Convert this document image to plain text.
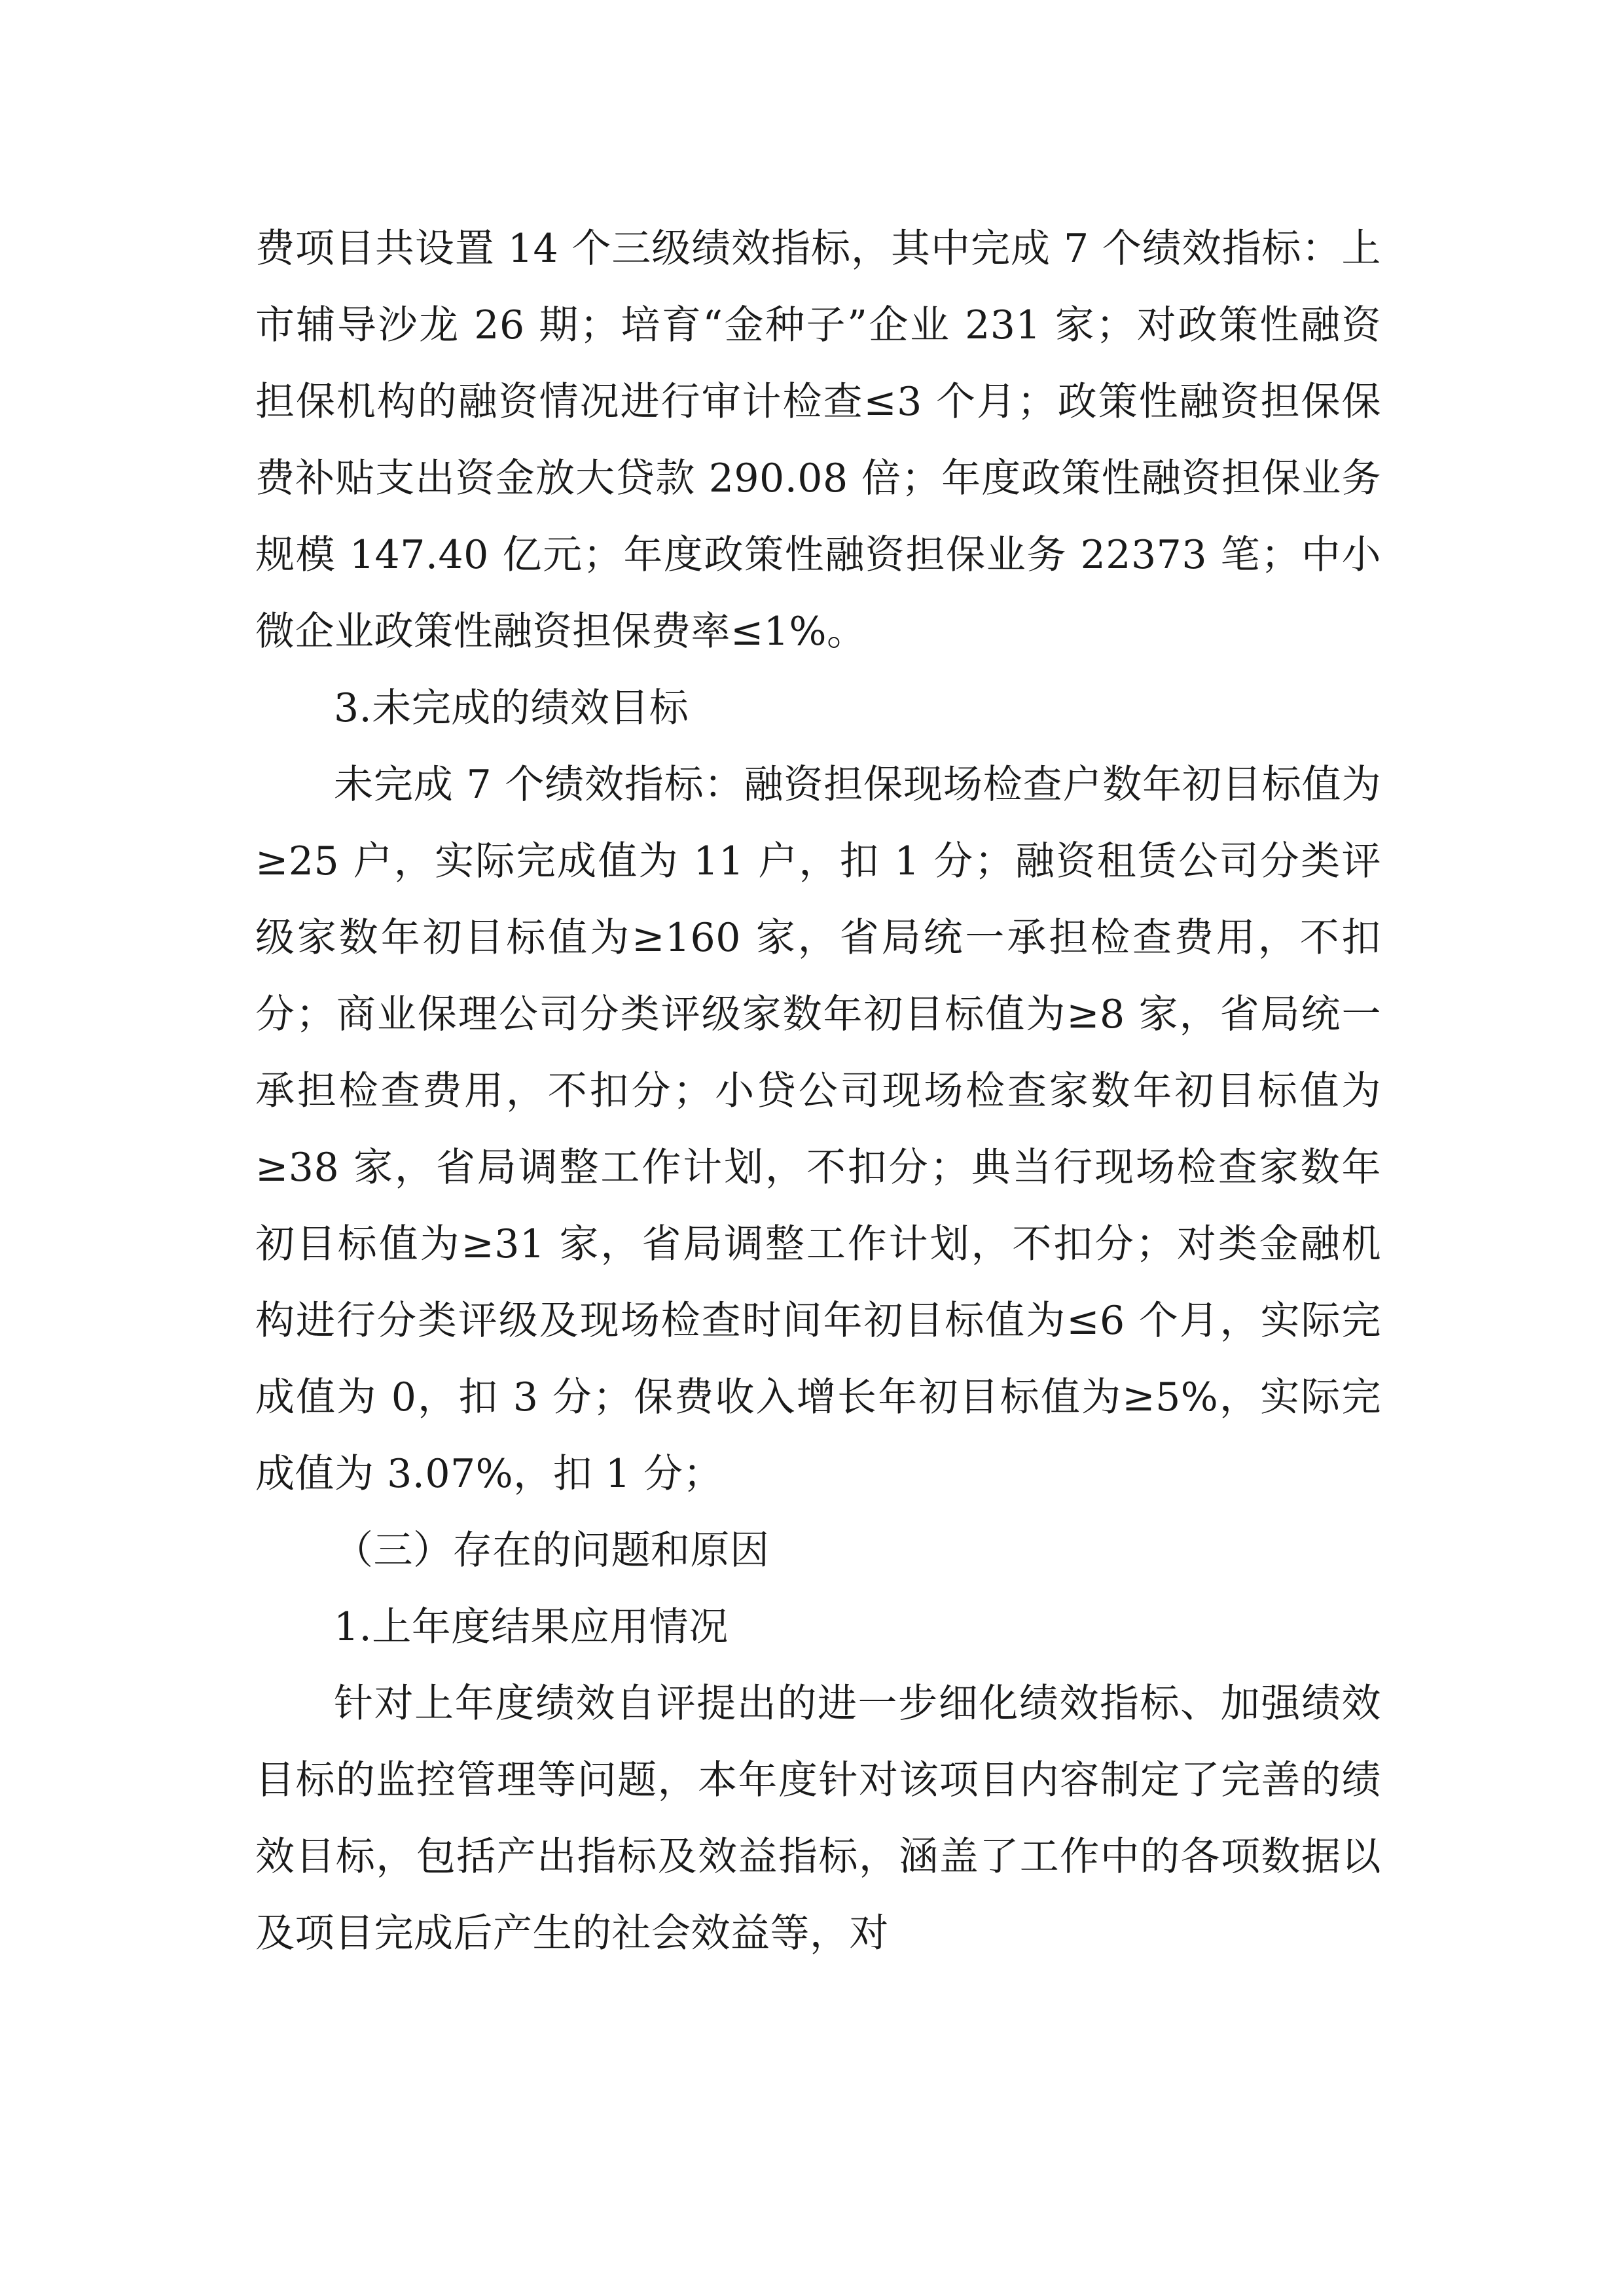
费项目共设置 14 个三级绩效指标，其中完成 7 个绩效指标：上市辅导沙龙 26 期；培育“金种子”企业 231 家；对政策性融资担保机构的融资情况进行审计检查≤3 个月；政策性融资担保保费补贴支出资金放大贷款 290.08 倍；年度政策性融资担保业务规模 147.40 亿元；年度政策性融资担保业务 22373 笔；中小微企业政策性融资担保费率≤1%。

3.未完成的绩效目标

未完成 7 个绩效指标：融资担保现场检查户数年初目标值为≥25 户，实际完成值为 11 户，扣 1 分；融资租赁公司分类评级家数年初目标值为≥160 家，省局统一承担检查费用，不扣分；商业保理公司分类评级家数年初目标值为≥8 家，省局统一承担检查费用，不扣分；小贷公司现场检查家数年初目标值为≥38 家，省局调整工作计划，不扣分；典当行现场检查家数年初目标值为≥31 家，省局调整工作计划，不扣分；对类金融机构进行分类评级及现场检查时间年初目标值为≤6 个月，实际完成值为 0，扣 3 分；保费收入增长年初目标值为≥5%，实际完成值为 3.07%，扣 1 分；

（三）存在的问题和原因

1.上年度结果应用情况

针对上年度绩效自评提出的进一步细化绩效指标、加强绩效目标的监控管理等问题，本年度针对该项目内容制定了完善的绩效目标，包括产出指标及效益指标，涵盖了工作中的各项数据以及项目完成后产生的社会效益等，对
